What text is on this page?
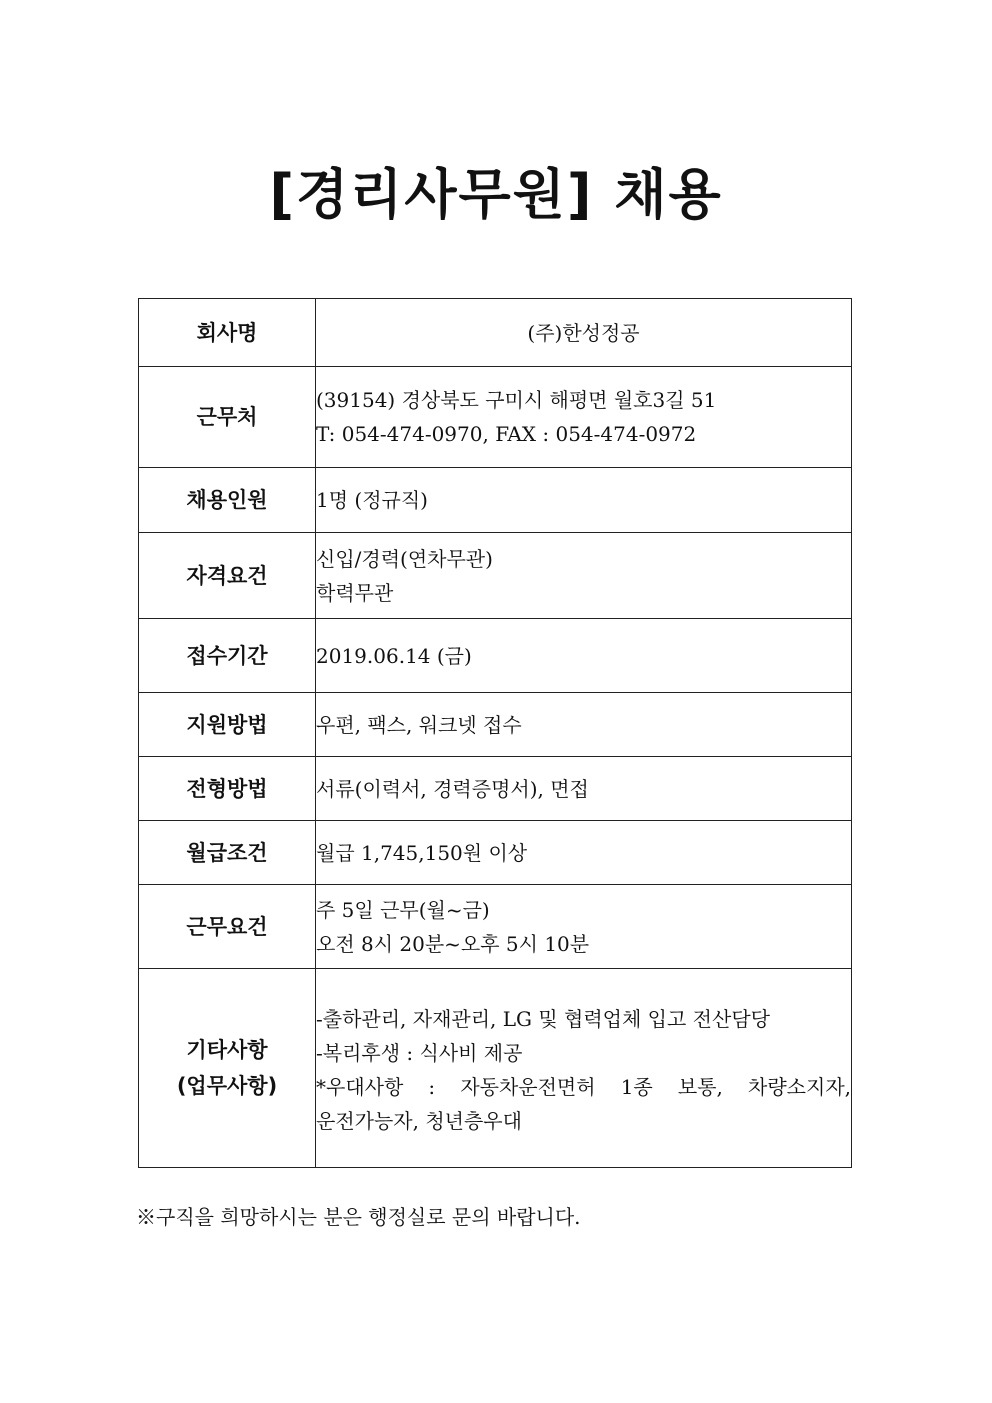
[경리사무원] 채용
회사명	(주)한성정공
근무처	(39154) 경상북도 구미시 해평면 월호3길 51
T: 054-474-0970, FAX : 054-474-0972

채용인원	1명 (정규직)
자격요건	신입/경력(연차무관)
학력무관

접수기간	2019.06.14 (금)
지원방법	우편, 팩스, 워크넷 접수
전형방법	서류(이력서, 경력증명서), 면접
월급조건	월급 1,745,150원 이상
근무요건	주 5일 근무(월~금)
오전 8시 20분~오후 5시 10분

기타사항
(업무사항)	-출하관리, 자재관리, LG 및 협력업체 입고 전산담당
-복리후생 : 식사비 제공
*우대사항 : 자동차운전면허 1종 보통, 차량소지자,
운전가능자, 청년층우대
※구직을 희망하시는 분은 행정실로 문의 바랍니다.
